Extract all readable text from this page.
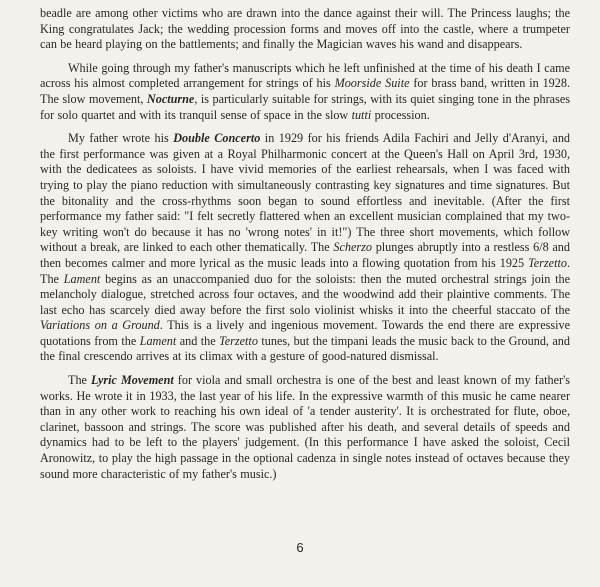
beadle are among other victims who are drawn into the dance against their will. The Princess laughs; the King congratulates Jack; the wedding procession forms and moves off into the castle, where a trumpeter can be heard playing on the battlements; and finally the Magician waves his wand and disappears.

While going through my father's manuscripts which he left unfinished at the time of his death I came across his almost completed arrangement for strings of his Moorside Suite for brass band, written in 1928. The slow movement, Nocturne, is particularly suitable for strings, with its quiet singing tone in the phrases for solo quartet and with its tranquil sense of space in the slow tutti procession.

My father wrote his Double Concerto in 1929 for his friends Adila Fachiri and Jelly d'Aranyi, and the first performance was given at a Royal Philharmonic concert at the Queen's Hall on April 3rd, 1930, with the dedicatees as soloists. I have vivid memories of the earliest rehearsals, when I was faced with trying to play the piano reduction with simultaneously contrasting key signatures and time signatures. But the bitonality and the cross-rhythms soon began to sound effortless and inevitable. (After the first performance my father said: "I felt secretly flattered when an excellent musician complained that my two-key writing won't do because it has no 'wrong notes' in it!") The three short movements, which follow without a break, are linked to each other thematically. The Scherzo plunges abruptly into a restless 6/8 and then becomes calmer and more lyrical as the music leads into a flowing quotation from his 1925 Terzetto. The Lament begins as an unaccompanied duo for the soloists: then the muted orchestral strings join the melancholy dialogue, stretched across four octaves, and the woodwind add their plaintive comments. The last echo has scarcely died away before the first solo violinist whisks it into the cheerful staccato of the Variations on a Ground. This is a lively and ingenious movement. Towards the end there are expressive quotations from the Lament and the Terzetto tunes, but the timpani leads the music back to the Ground, and the final crescendo arrives at its climax with a gesture of good-natured dismissal.

The Lyric Movement for viola and small orchestra is one of the best and least known of my father's works. He wrote it in 1933, the last year of his life. In the expressive warmth of this music he came nearer than in any other work to reaching his own ideal of 'a tender austerity'. It is orchestrated for flute, oboe, clarinet, bassoon and strings. The score was published after his death, and several details of speeds and dynamics had to be left to the players' judgement. (In this performance I have asked the soloist, Cecil Aronowitz, to play the high passage in the optional cadenza in single notes instead of octaves because they sound more characteristic of my father's music.)

6
